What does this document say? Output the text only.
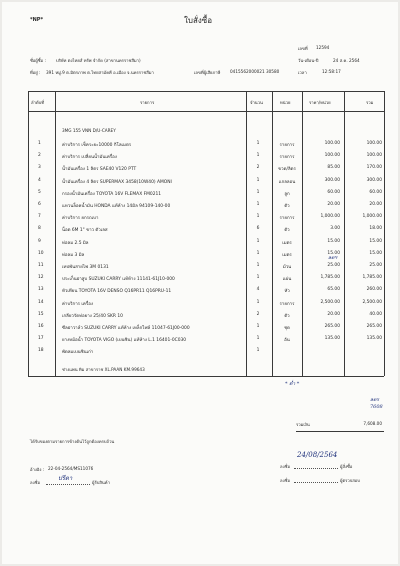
*NP*	ใบสั่งซื้อ
เลขที่ 12594
ชื่อผู้ซื้อ : บริษัท ตงไทยส์ ทรัพ จำกัด (สาขานครราชสีมา)	วัน-เดือน-ปี	24 ส.ค. 2564
ที่อยู่ : 391 หมู่.9 ต.มิตรภาพ ต.ไทยสามัคคี อ.เมือง จ.นครราชสีมา	เลขที่ผู้เสียภาษี 0415562000021 30580	เวลา	12:58:17
ลำดับที่	รายการ	จำนวน	หน่วย	ราคา/หน่วย	รวม
3MG 155 VNN D/U-CAREY
1	ค่าบริการ เช็คระยะ10000 กิโลเมตร	1	รายการ	100.00	100.00
2	ค่าบริการ เปลี่ยนน้ำมันเครื่อง	1	รายการ	100.00	100.00
3	น้ำมันเครื่อง 1 ลิตร SAE40 V120 PTT	2	ขวด/ลิตร	85.00	170.00
4	น้ำมันเครื่อง 4 ลิตร SUPERMAX 3458(10W40) AMONI	1	แกลลอน	300.00	300.00
5	กรองน้ำมันเครื่อง TOYOTA 16V FLEMAX FM0211	1	ลูก	60.00	60.00
6	แหวนล็อคน้ำมัน HONDA แท้ห้าง 14มิล 94109-140-00	1	ตัว	20.00	20.00
7	ค่าบริการ ยกรถเบา	1	รายการ	1,000.00	1,000.00
8	น็อต 6M 1" ขาว ตัวเลส	6	ตัว	3.00	18.00
9	ท่อลม 2.5 มิล	1	เมตร	15.00	15.00
10	ท่อลม 3 มิล	1	เมตร	15.00	15.00
11	เทปพันสายไฟ 3M 0131	1	ม้วน	25.00	25.00
12	ประเก็นฝาสูบ SUZUKI CARRY แท้ห้าง 11141-61J10-000	1	แผ่น	1,785.00	1,785.00
13	หัวเทียน TOYOTA 16V DENSO Q16PR11 Q16PRU-11	4	หัว	65.00	260.00
14	ค่าบริการ เครื่อง	1	รายการ	2,500.00	2,500.00
15	เกลียวรัดท่อยาง 25/40 SKR 10	2	ตัว	20.00	40.00
16	ซีลฝาวาล์ว SUZUKI CARRY แท้ห้าง เหล็กไฟล์ 11047-61J00-000	1	ชุด	265.00	265.00
17	ยางหม้อน้ำ TOYOTA VIGO (เบนซิน) แท้ห้าง L.1 16401-0C030	1	อัน	135.00	135.00
18	พัดลมเบนซินเก่า	1
ช่างแพน ทิม สาขาราช XL.PAAN KM.99643
รวมเงิน	7,608.00
ได้รับของตามรายการข้างต้นไว้ถูกต้องครบถ้วน
อ้างอิง : 22-04-2564/MS11076
ลงชื่อ	ผู้รับสินค้า
ลงชื่อ	ผู้สั่งซื้อ
ลงชื่อ	ผู้ตรวจสอบ
ลดฯ
* ต่ำ *
ลดร
7608
24/08/2564
ปรีดา
